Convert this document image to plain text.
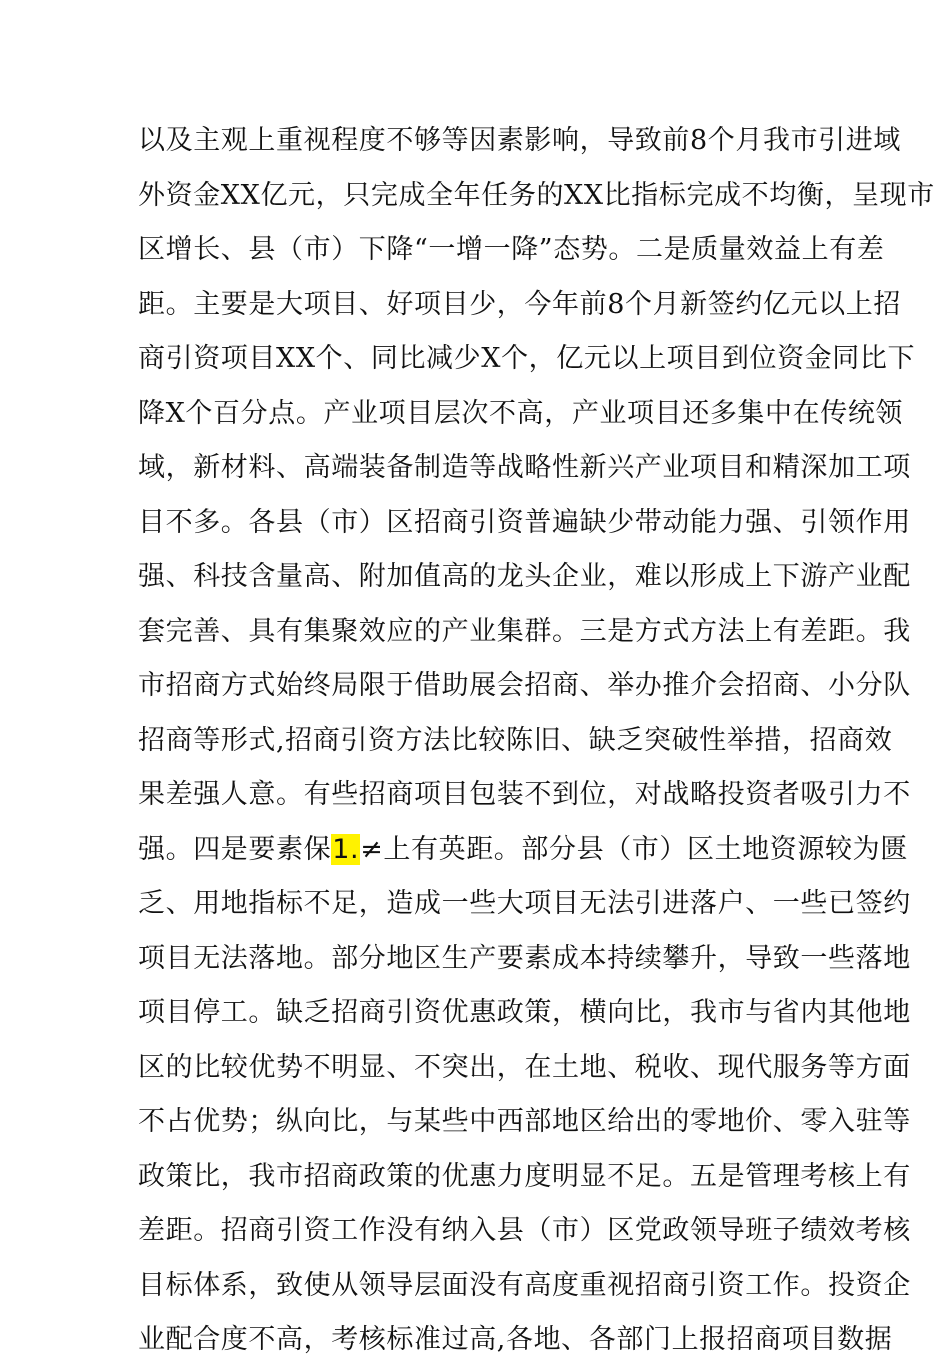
以及主观上重视程度不够等因素影响，导致前8个月我市引进域
外资金XX亿元，只完成全年任务的XX比指标完成不均衡，呈现市
区增长、县（市）下降“一增一降”态势。二是质量效益上有差
距。主要是大项目、好项目少，今年前8个月新签约亿元以上招
商引资项目XX个、同比减少X个，亿元以上项目到位资金同比下
降X个百分点。产业项目层次不高，产业项目还多集中在传统领
域，新材料、高端装备制造等战略性新兴产业项目和精深加工项
目不多。各县（市）区招商引资普遍缺少带动能力强、引领作用
强、科技含量高、附加值高的龙头企业，难以形成上下游产业配
套完善、具有集聚效应的产业集群。三是方式方法上有差距。我
市招商方式始终局限于借助展会招商、举办推介会招商、小分队
招商等形式,招商引资方法比较陈旧、缺乏突破性举措，招商效
果差强人意。有些招商项目包装不到位，对战略投资者吸引力不
强。四是要素保1.≠上有英距。部分县（市）区土地资源较为匮
乏、用地指标不足，造成一些大项目无法引进落户、一些已签约
项目无法落地。部分地区生产要素成本持续攀升，导致一些落地
项目停工。缺乏招商引资优惠政策，横向比，我市与省内其他地
区的比较优势不明显、不突出，在土地、税收、现代服务等方面
不占优势；纵向比，与某些中西部地区给出的零地价、零入驻等
政策比，我市招商政策的优惠力度明显不足。五是管理考核上有
差距。招商引资工作没有纳入县（市）区党政领导班子绩效考核
目标体系，致使从领导层面没有高度重视招商引资工作。投资企
业配合度不高，考核标准过高,各地、各部门上报招商项目数据
